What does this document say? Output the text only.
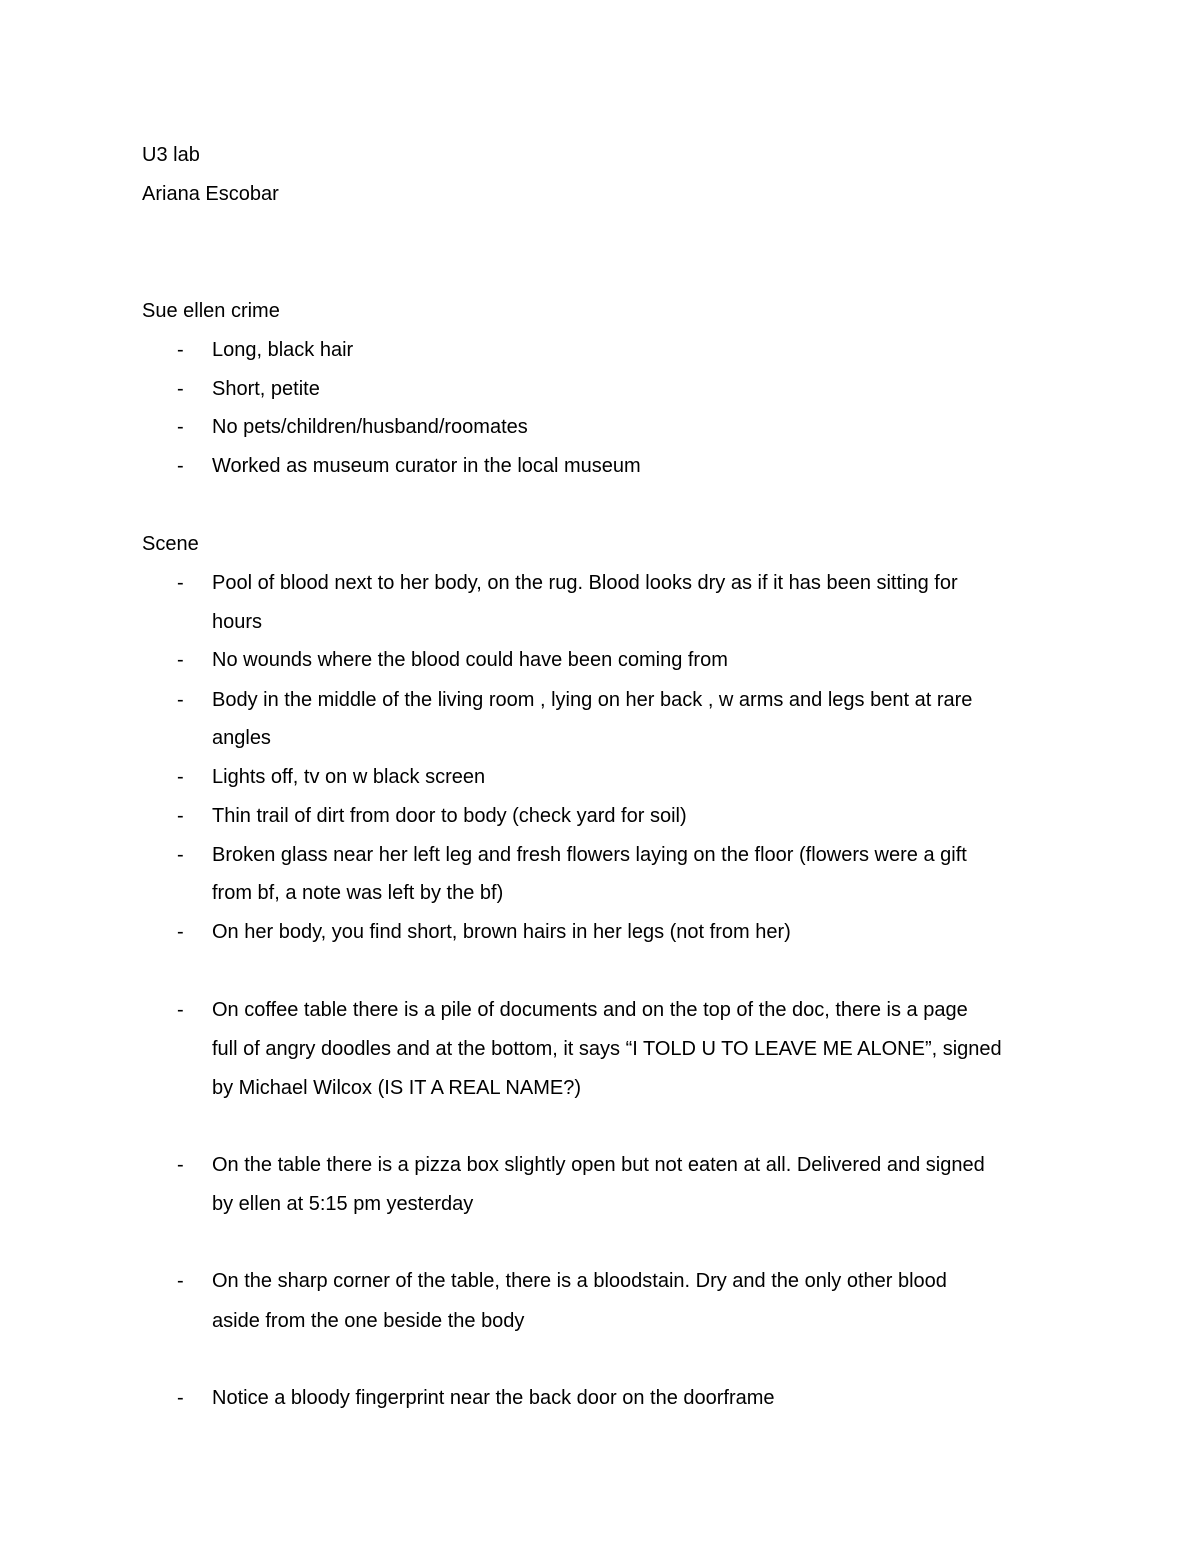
U3 lab
Ariana Escobar
Sue ellen crime
- Long, black hair
- Short, petite
- No pets/children/husband/roomates
- Worked as museum curator in the local museum
Scene
- Pool of blood next to her body, on the rug. Blood looks dry as if it has been sitting for
hours
- No wounds where the blood could have been coming from
- Body in the middle of the living room , lying on her back , w arms and legs bent at rare
angles
- Lights off, tv on w black screen
- Thin trail of dirt from door to body (check yard for soil)
- Broken glass near her left leg and fresh flowers laying on the floor (flowers were a gift
from bf, a note was left by the bf)
- On her body, you find short, brown hairs in her legs (not from her)
- On coffee table there is a pile of documents and on the top of the doc, there is a page
full of angry doodles and at the bottom, it says “I TOLD U TO LEAVE ME ALONE”, signed
by Michael Wilcox (IS IT A REAL NAME?)
- On the table there is a pizza box slightly open but not eaten at all. Delivered and signed
by ellen at 5:15 pm yesterday
- On the sharp corner of the table, there is a bloodstain. Dry and the only other blood
aside from the one beside the body
- Notice a bloody fingerprint near the back door on the doorframe
